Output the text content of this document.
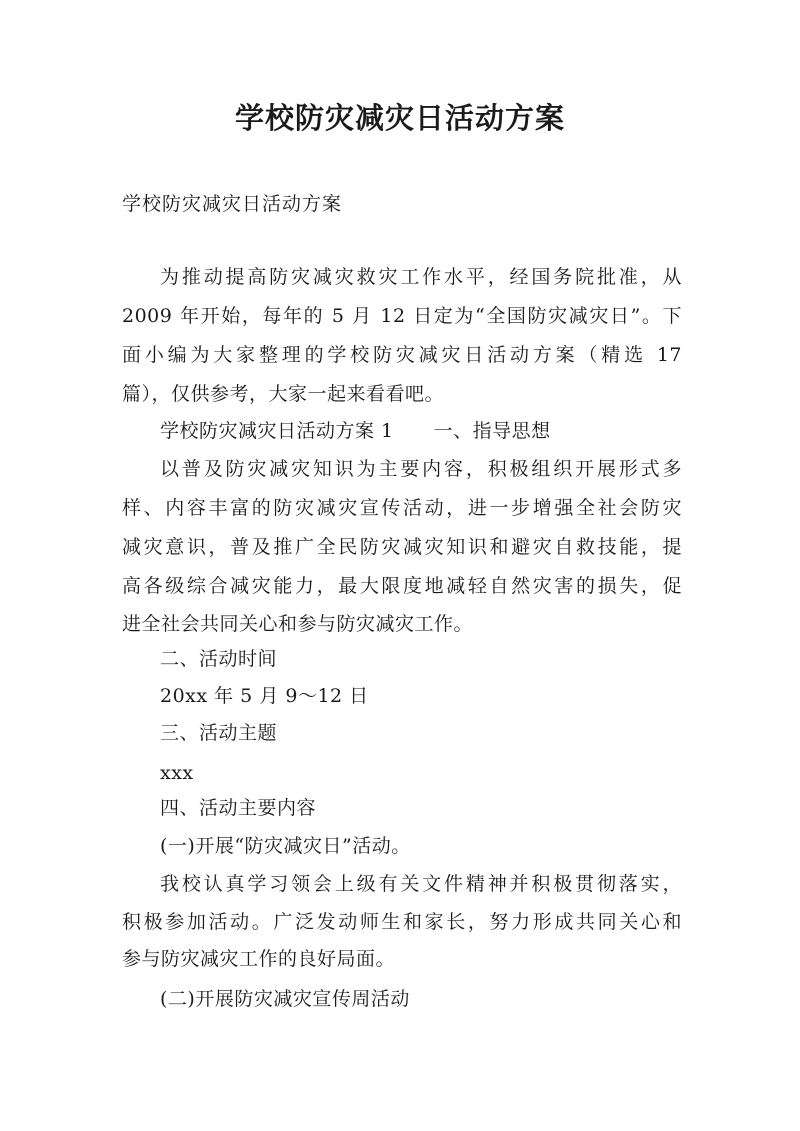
学校防灾减灾日活动方案
学校防灾减灾日活动方案
为推动提高防灾减灾救灾工作水平，经国务院批准，从
2009 年开始，每年的 5 月 12 日定为“全国防灾减灾日”。下
面小编为大家整理的学校防灾减灾日活动方案（精选 17
篇），仅供参考，大家一起来看看吧。
学校防灾减灾日活动方案 1 一、指导思想
以普及防灾减灾知识为主要内容，积极组织开展形式多
样、内容丰富的防灾减灾宣传活动，进一步增强全社会防灾
减灾意识，普及推广全民防灾减灾知识和避灾自救技能，提
高各级综合减灾能力，最大限度地减轻自然灾害的损失，促
进全社会共同关心和参与防灾减灾工作。
二、活动时间
20xx 年 5 月 9～12 日
三、活动主题
xxx
四、活动主要内容
(一)开展“防灾减灾日”活动。
我校认真学习领会上级有关文件精神并积极贯彻落实，
积极参加活动。广泛发动师生和家长，努力形成共同关心和
参与防灾减灾工作的良好局面。
(二)开展防灾减灾宣传周活动
